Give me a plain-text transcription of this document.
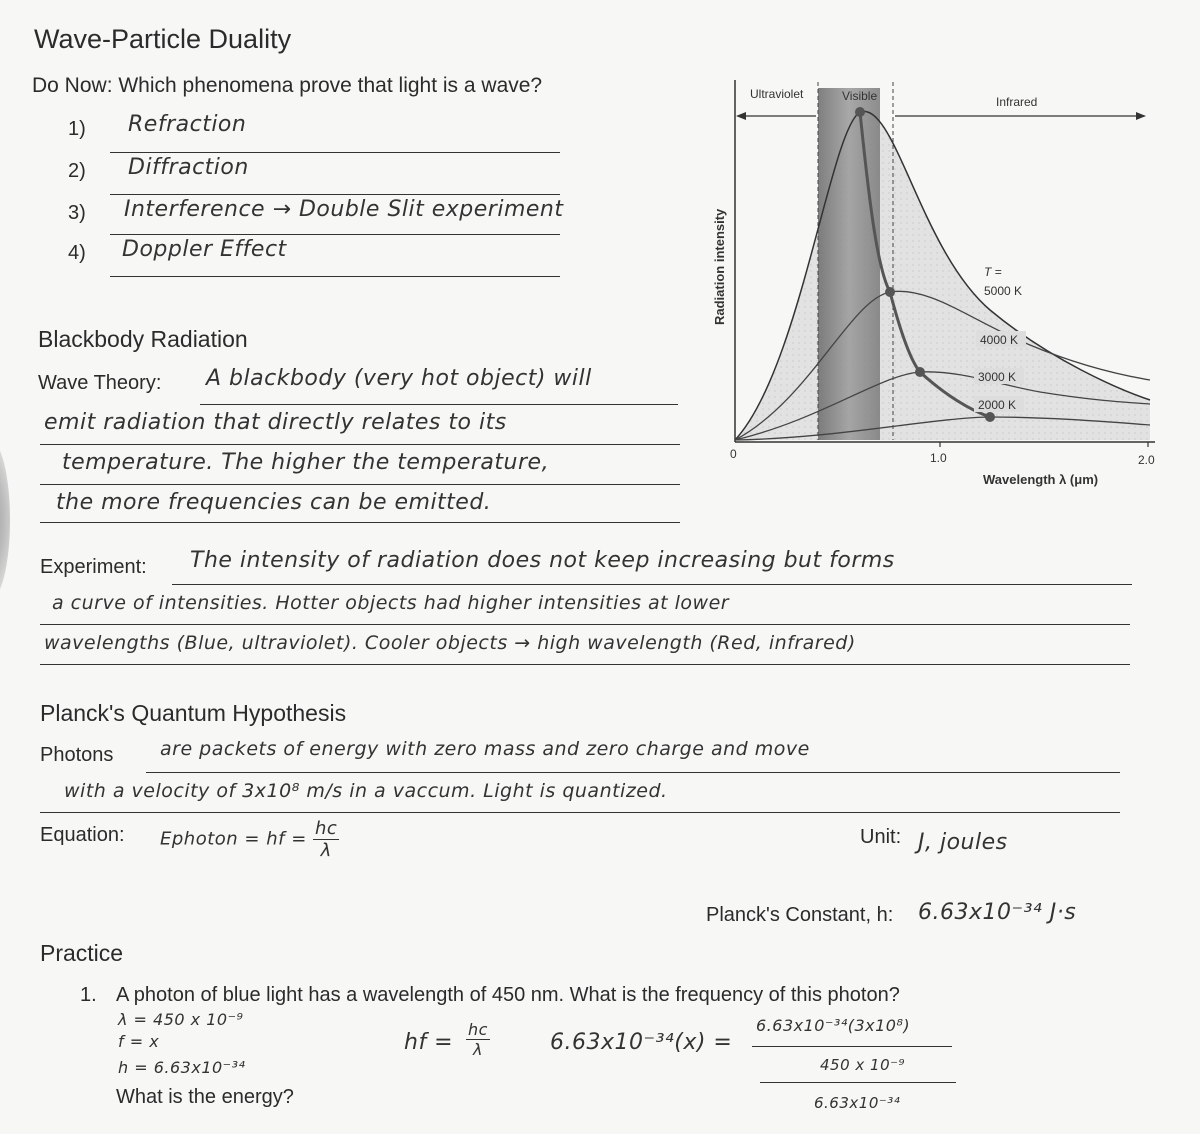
Wave-Particle Duality
Do Now: Which phenomena prove that light is a wave?
1) Refraction
2) Diffraction
3) Interference → Double Slit experiment
4) Doppler Effect
Blackbody Radiation
Wave Theory: A blackbody (very hot object) will
emit radiation that directly relates to its
temperature. The higher the temperature,
the more frequencies can be emitted.
Ultraviolet	Visible	Infrared
T =
5000 K
4000 K
3000 K
2000 K
0	1.0	2.0
Wavelength λ (μm)
Radiation intensity
Experiment: The intensity of radiation does not keep increasing but forms
a curve of intensities. Hotter objects had higher intensities at lower
wavelengths (Blue, ultraviolet). Cooler objects → high wavelength (Red, infrared)
Planck's Quantum Hypothesis
Photons are packets of energy with zero mass and zero charge and move
with a velocity of 3x10⁸ m/s in a vaccum. Light is quantized.
Equation: Ephoton = hf = $\frac{hc}{\lambda}$	Unit: J, joules
Planck's Constant, h: 6.63x10⁻³⁴ J·s
Practice
1. A photon of blue light has a wavelength of 450 nm. What is the frequency of this photon?
λ = 450 x 10⁻⁹
f = x
h = 6.63x10⁻³⁴
What is the energy?
hf = $\frac{hc}{\lambda}$	6.63x10⁻³⁴(x) =
6.63x10⁻³⁴(3x10⁸)
450 x 10⁻⁹
6.63x10⁻³⁴
